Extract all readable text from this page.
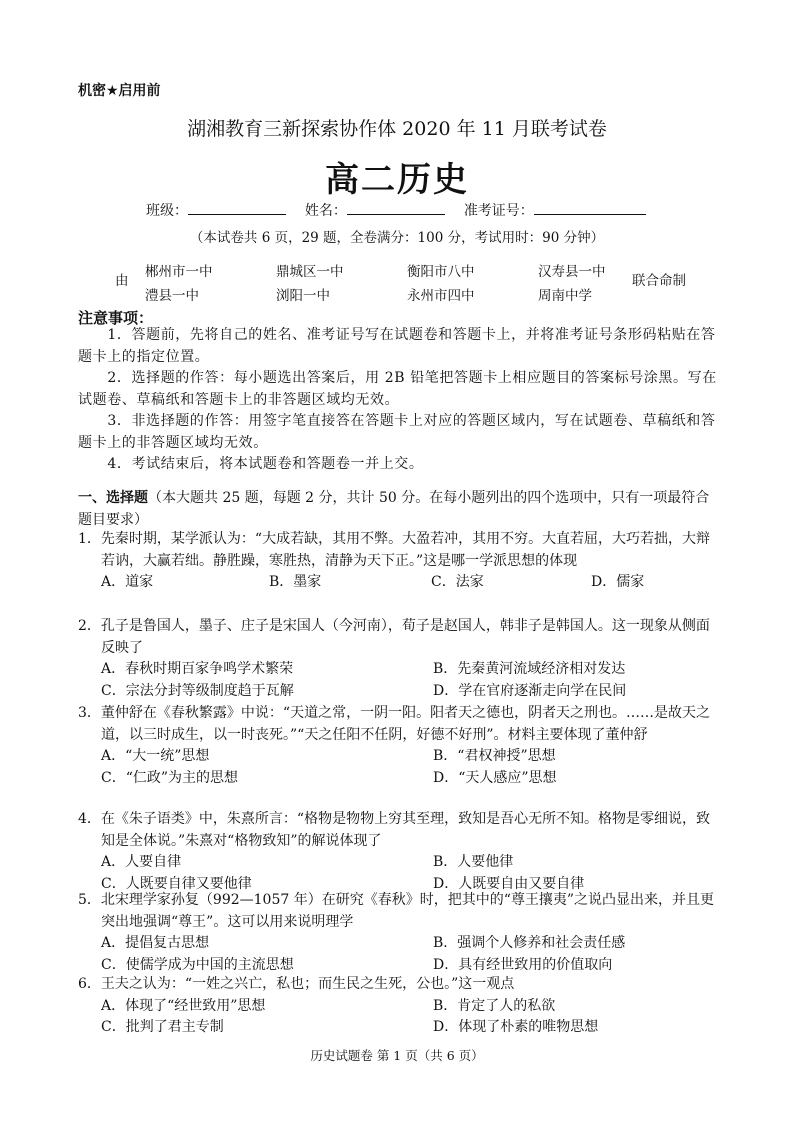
机密★启用前
湖湘教育三新探索协作体 2020 年 11 月联考试卷
高二历史
班级：	姓名：	准考证号：
（本试卷共 6 页，29 题，全卷满分：100 分，考试用时：90 分钟）
由
郴州市一中	鼎城区一中	衡阳市八中	汉寿县一中
澧县一中	浏阳一中	永州市四中	周南中学
联合命制
注意事项：
1．答题前，先将自己的姓名、准考证号写在试题卷和答题卡上，并将准考证号条形码粘贴在答题卡上的指定位置。
2．选择题的作答：每小题选出答案后，用 2B 铅笔把答题卡上相应题目的答案标号涂黑。写在试题卷、草稿纸和答题卡上的非答题区域均无效。
3．非选择题的作答：用签字笔直接答在答题卡上对应的答题区域内，写在试题卷、草稿纸和答题卡上的非答题区域均无效。
4．考试结束后，将本试题卷和答题卷一并上交。
一、选择题（本大题共 25 题，每题 2 分，共计 50 分。在每小题列出的四个选项中，只有一项最符合题目要求）
1．先秦时期，某学派认为：“大成若缺，其用不弊。大盈若冲，其用不穷。大直若屈，大巧若拙，大辩若讷，大赢若绌。静胜躁，寒胜热，清静为天下正。”这是哪一学派思想的体现
A．道家	B．墨家	C．法家	D．儒家
2．孔子是鲁国人，墨子、庄子是宋国人（今河南），荀子是赵国人，韩非子是韩国人。这一现象从侧面反映了
A．春秋时期百家争鸣学术繁荣	B．先秦黄河流域经济相对发达
C．宗法分封等级制度趋于瓦解	D．学在官府逐渐走向学在民间
3．董仲舒在《春秋繁露》中说：“天道之常，一阴一阳。阳者天之德也，阴者天之刑也。……是故天之道，以三时成生，以一时丧死。”“天之任阳不任阴，好德不好刑”。材料主要体现了董仲舒
A．“大一统”思想	B．“君权神授”思想
C．“仁政”为主的思想	D．“天人感应”思想
4．在《朱子语类》中，朱熹所言：“格物是物物上穷其至理，致知是吾心无所不知。格物是零细说，致知是全体说。”朱熹对“格物致知”的解说体现了
A．人要自律	B．人要他律
C．人既要自律又要他律	D．人既要自由又要自律
5．北宋理学家孙复（992—1057 年）在研究《春秋》时，把其中的“尊王攘夷”之说凸显出来，并且更突出地强调“尊王”。这可以用来说明理学
A．提倡复古思想	B．强调个人修养和社会责任感
C．使儒学成为中国的主流思想	D．具有经世致用的价值取向
6．王夫之认为：“一姓之兴亡，私也；而生民之生死，公也。”这一观点
A．体现了“经世致用”思想	B．肯定了人的私欲
C．批判了君主专制	D．体现了朴素的唯物思想
历史试题卷 第 1 页（共 6 页）
